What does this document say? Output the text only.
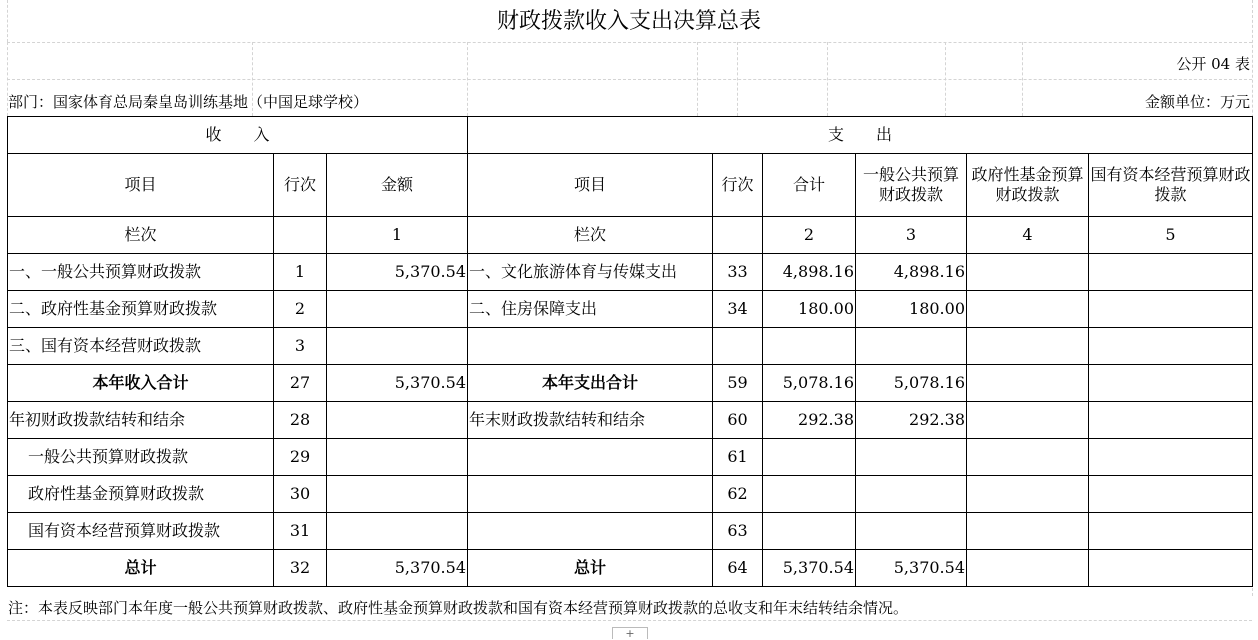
财政拨款收入支出决算总表
公开 04 表
部门：国家体育总局秦皇岛训练基地（中国足球学校）	金额单位：万元
收　　入			支　　出					
项目	行次	金额	项目	行次	合计	一般公共预算财政拨款	政府性基金预算财政拨款	国有资本经营预算财政拨款
栏次		1	栏次		2	3	4	5
一、一般公共预算财政拨款	1	5,370.54	一、文化旅游体育与传媒支出	33	4,898.16	4,898.16		
二、政府性基金预算财政拨款	2		二、住房保障支出	34	180.00	180.00		
三、国有资本经营财政拨款	3							
本年收入合计	27	5,370.54	本年支出合计	59	5,078.16	5,078.16		
年初财政拨款结转和结余	28		年末财政拨款结转和结余	60	292.38	292.38		
一般公共预算财政拨款	29			61				
政府性基金预算财政拨款	30			62				
国有资本经营预算财政拨款	31			63				
总计	32	5,370.54	总计	64	5,370.54	5,370.54		
注：本表反映部门本年度一般公共预算财政拨款、政府性基金预算财政拨款和国有资本经营预算财政拨款的总收支和年末结转结余情况。
+
